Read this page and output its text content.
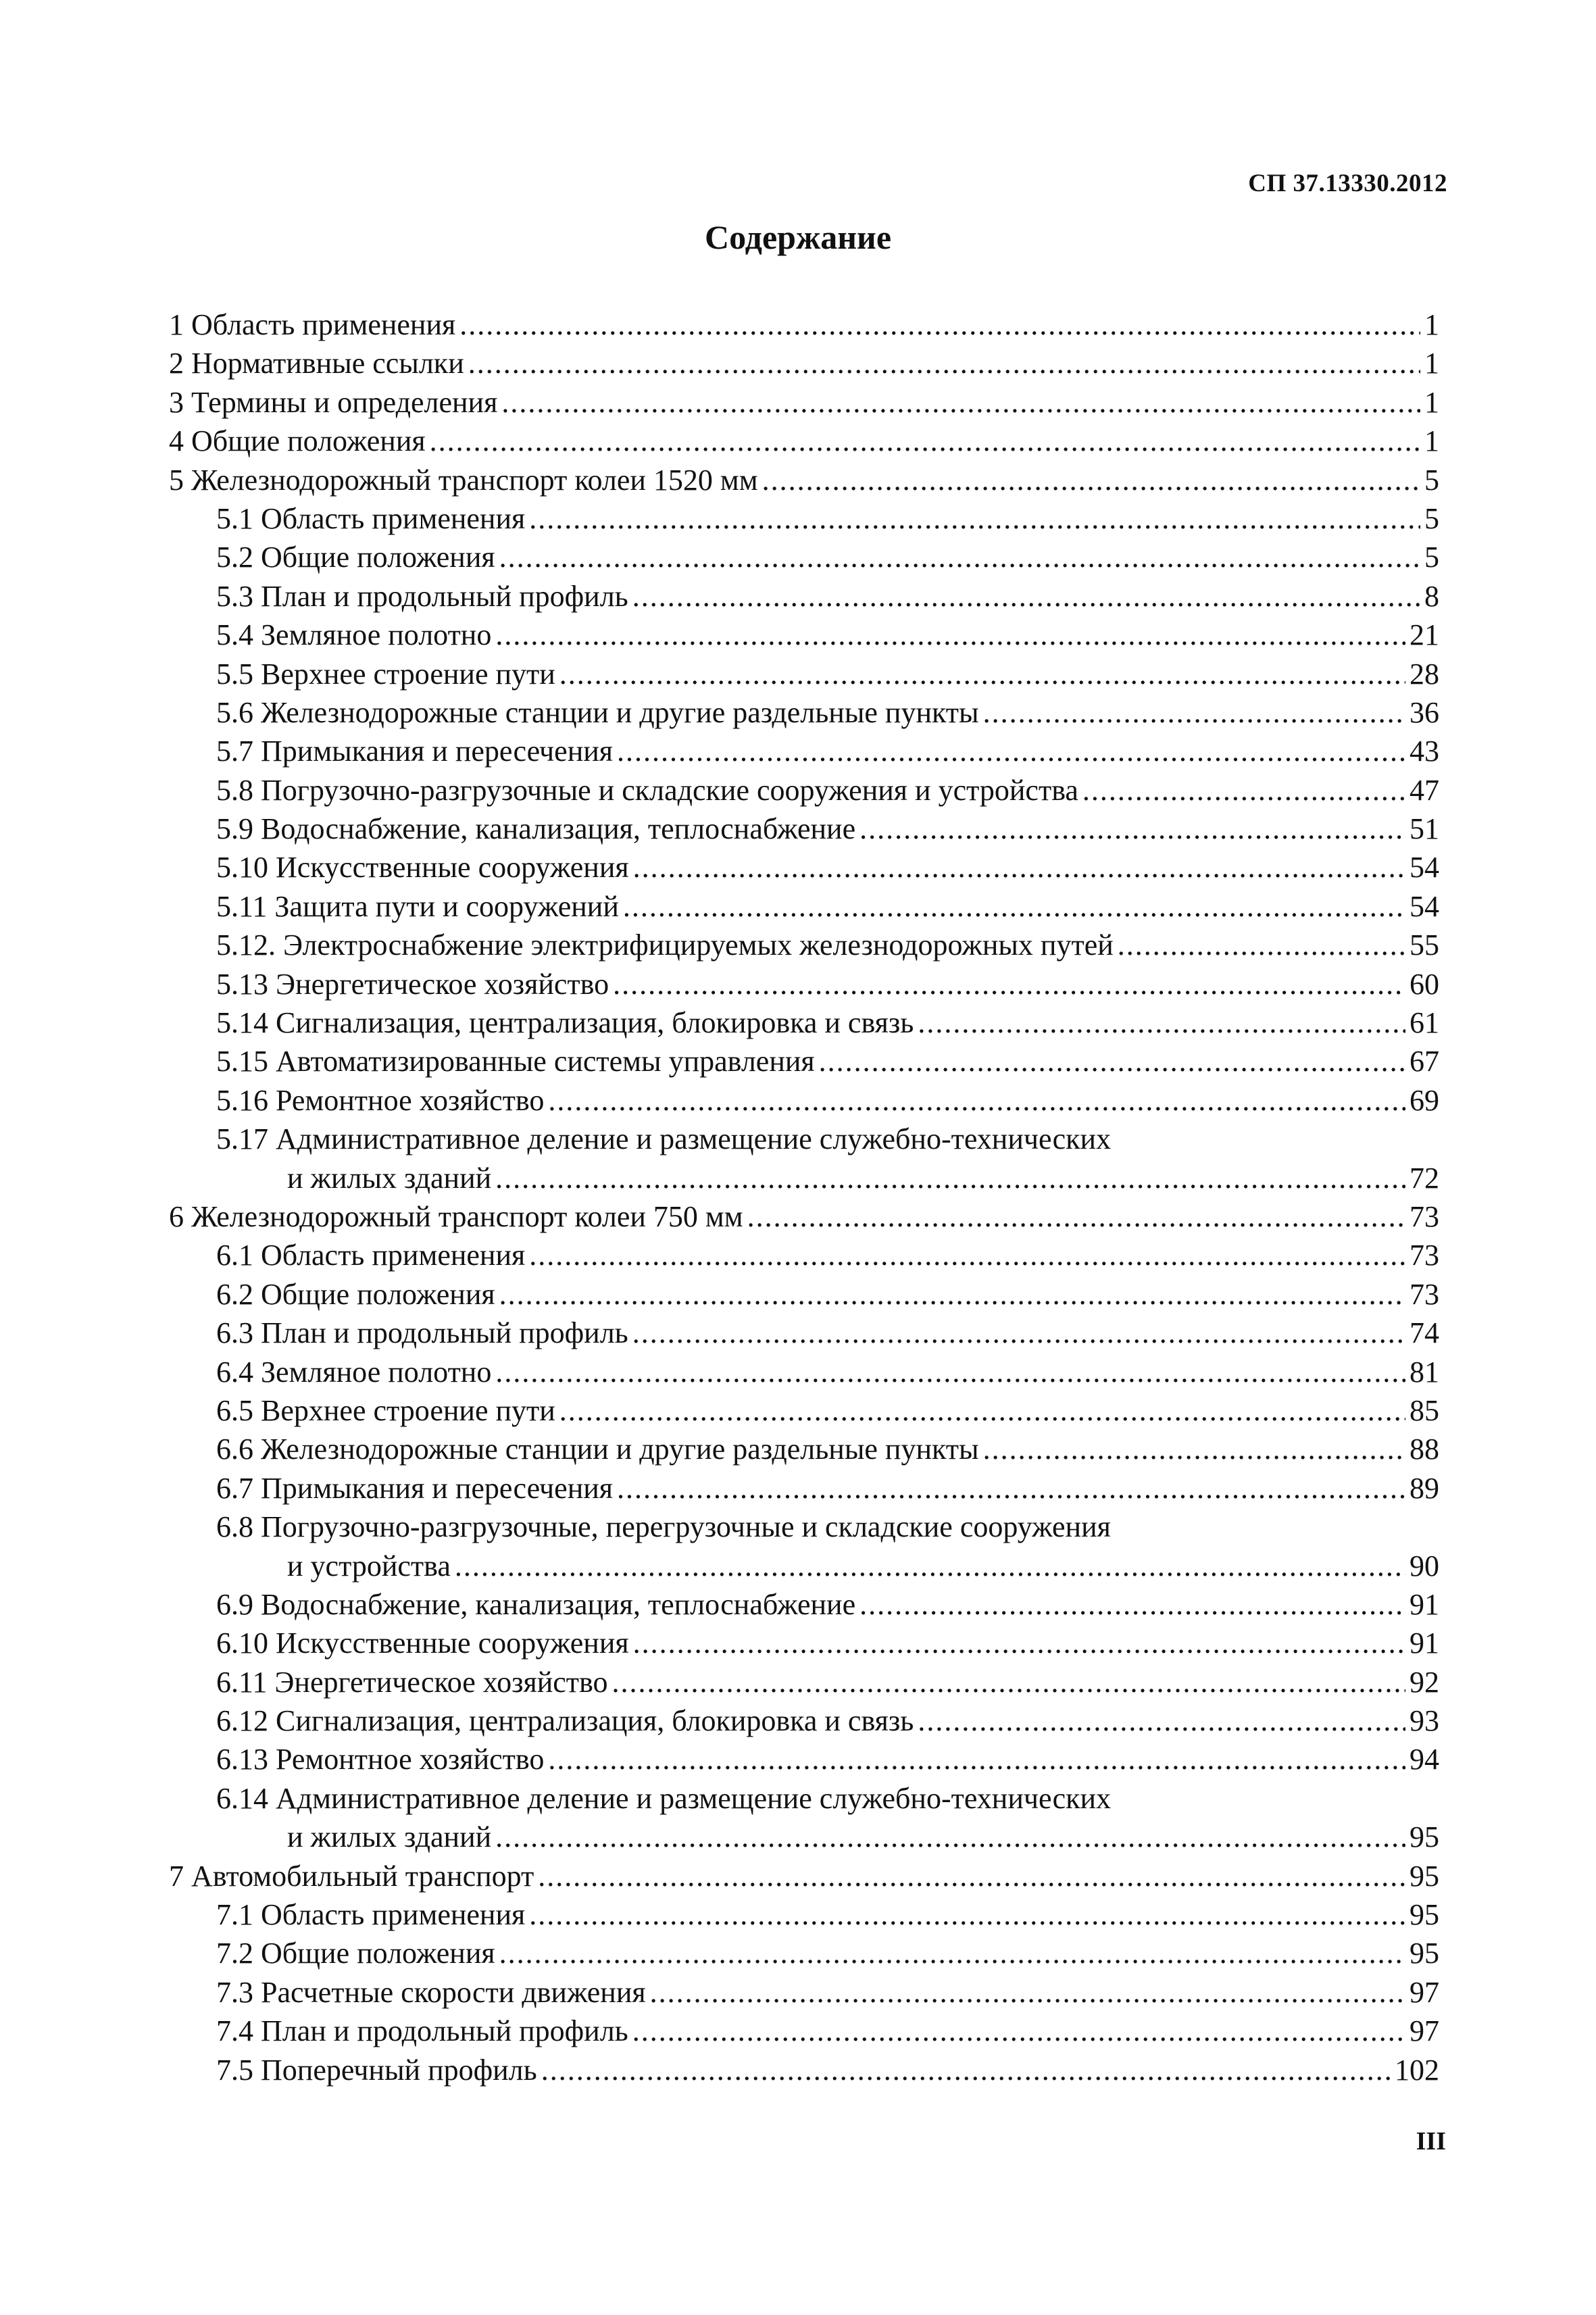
СП 37.13330.2012
Содержание
1 Область применения .....	1
2 Нормативные ссылки .....	1
3 Термины и определения .....	1
4 Общие положения .....	1
5 Железнодорожный транспорт колеи 1520 мм .....	5
5.1 Область применения .....	5
5.2 Общие положения .....	5
5.3 План и продольный профиль .....	8
5.4 Земляное полотно .....	21
5.5 Верхнее строение пути .....	28
5.6 Железнодорожные станции и другие раздельные пункты .....	36
5.7 Примыкания и пересечения .....	43
5.8 Погрузочно-разгрузочные и складские сооружения и устройства .....	47
5.9 Водоснабжение, канализация, теплоснабжение .....	51
5.10 Искусственные сооружения .....	54
5.11 Защита пути и сооружений .....	54
5.12. Электроснабжение электрифицируемых железнодорожных путей .....	55
5.13 Энергетическое хозяйство .....	60
5.14 Сигнализация, централизация, блокировка и связь .....	61
5.15 Автоматизированные системы управления .....	67
5.16 Ремонтное хозяйство .....	69
5.17 Административное деление и размещение служебно-технических
и жилых зданий .....	72
6 Железнодорожный транспорт колеи 750 мм .....	73
6.1 Область применения .....	73
6.2 Общие положения .....	73
6.3 План и продольный профиль .....	74
6.4 Земляное полотно .....	81
6.5 Верхнее строение пути .....	85
6.6 Железнодорожные станции и другие раздельные пункты .....	88
6.7 Примыкания и пересечения .....	89
6.8 Погрузочно-разгрузочные, перегрузочные и складские сооружения
и устройства .....	90
6.9 Водоснабжение, канализация, теплоснабжение .....	91
6.10 Искусственные сооружения .....	91
6.11 Энергетическое хозяйство .....	92
6.12 Сигнализация, централизация, блокировка и связь .....	93
6.13 Ремонтное хозяйство .....	94
6.14 Административное деление и размещение служебно-технических
и жилых зданий .....	95
7 Автомобильный транспорт .....	95
7.1 Область применения .....	95
7.2 Общие положения .....	95
7.3 Расчетные скорости движения .....	97
7.4 План и продольный профиль .....	97
7.5 Поперечный профиль .....	102
III
